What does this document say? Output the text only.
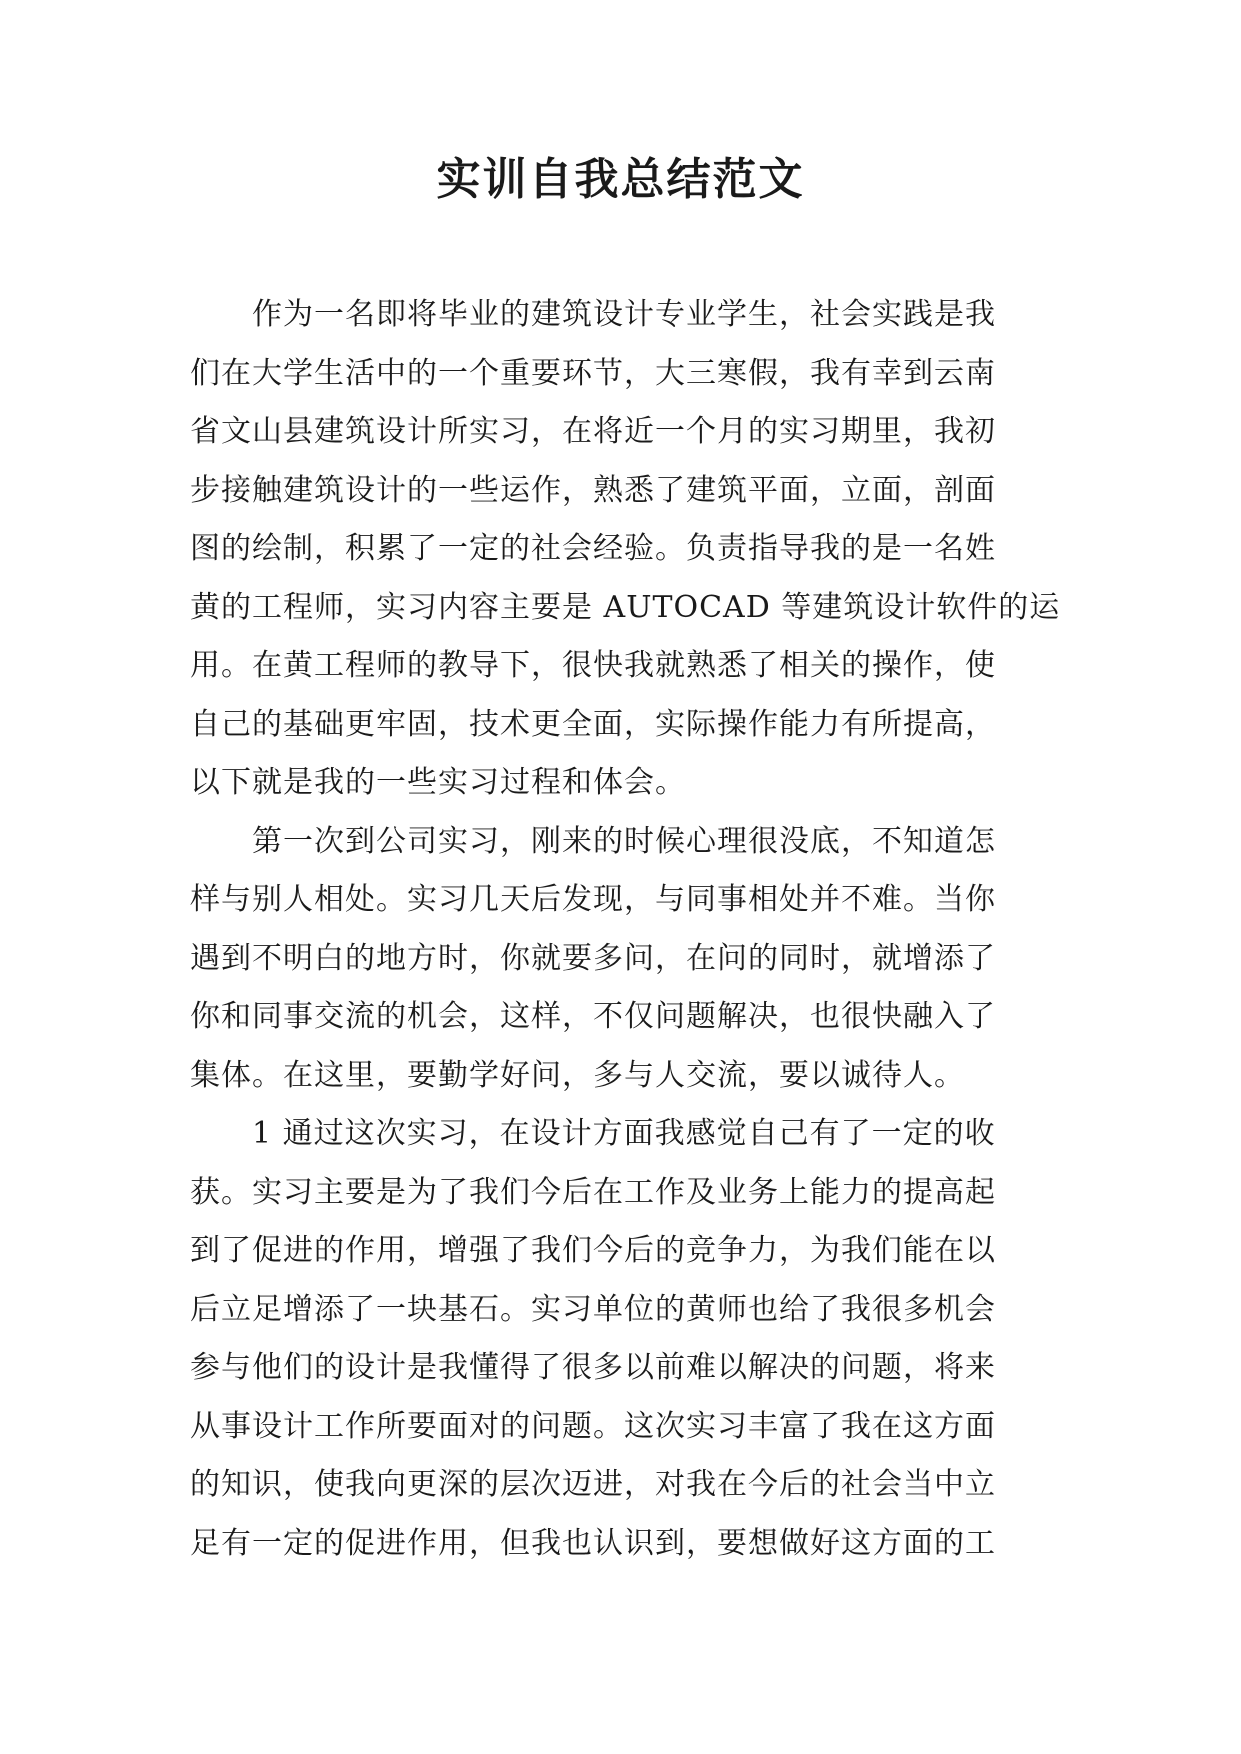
实训自我总结范文

作为一名即将毕业的建筑设计专业学生，社会实践是我
们在大学生活中的一个重要环节，大三寒假，我有幸到云南
省文山县建筑设计所实习，在将近一个月的实习期里，我初
步接触建筑设计的一些运作，熟悉了建筑平面，立面，剖面
图的绘制，积累了一定的社会经验。负责指导我的是一名姓
黄的工程师，实习内容主要是 AUTOCAD 等建筑设计软件的运
用。在黄工程师的教导下，很快我就熟悉了相关的操作，使
自己的基础更牢固，技术更全面，实际操作能力有所提高，
以下就是我的一些实习过程和体会。

第一次到公司实习，刚来的时候心理很没底，不知道怎
样与别人相处。实习几天后发现，与同事相处并不难。当你
遇到不明白的地方时，你就要多问，在问的同时，就增添了
你和同事交流的机会，这样，不仅问题解决，也很快融入了
集体。在这里，要勤学好问，多与人交流，要以诚待人。

1 通过这次实习，在设计方面我感觉自己有了一定的收
获。实习主要是为了我们今后在工作及业务上能力的提高起
到了促进的作用，增强了我们今后的竞争力，为我们能在以
后立足增添了一块基石。实习单位的黄师也给了我很多机会
参与他们的设计是我懂得了很多以前难以解决的问题，将来
从事设计工作所要面对的问题。这次实习丰富了我在这方面
的知识，使我向更深的层次迈进，对我在今后的社会当中立
足有一定的促进作用，但我也认识到，要想做好这方面的工
